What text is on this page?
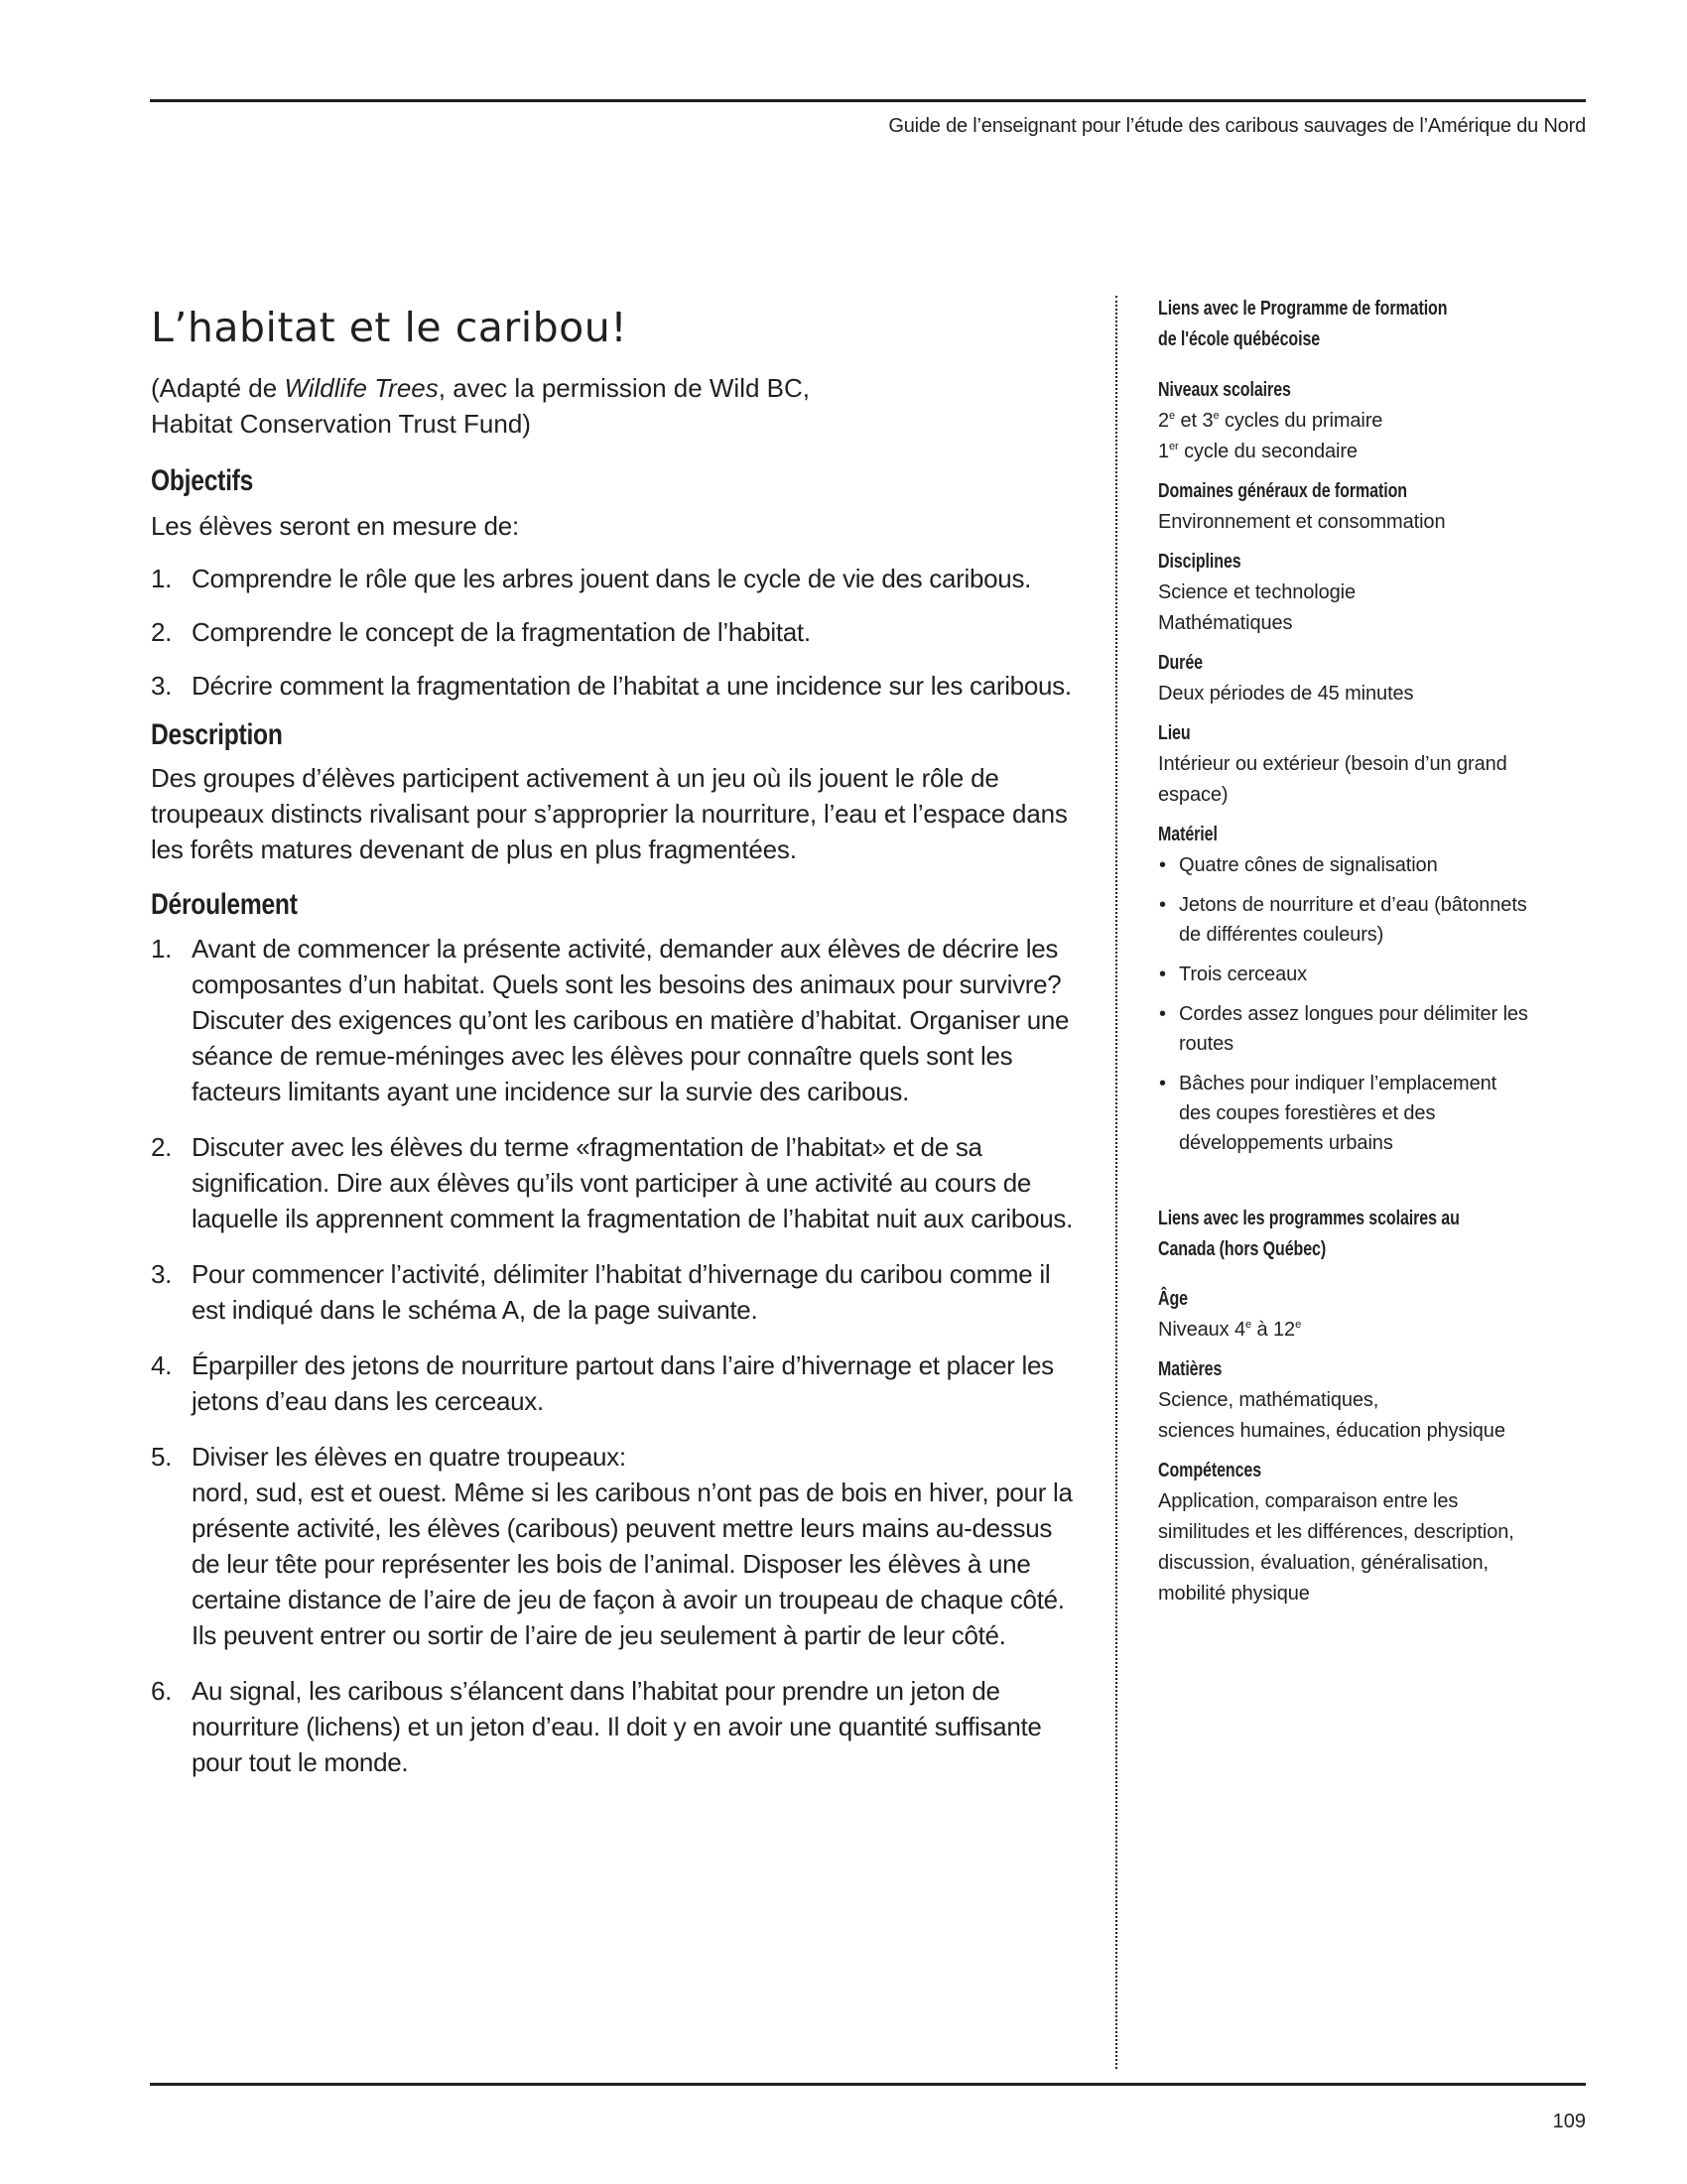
Guide de l’enseignant pour l’étude des caribous sauvages de l’Amérique du Nord
L’habitat et le caribou!
(Adapté de Wildlife Trees, avec la permission de Wild BC,
Habitat Conservation Trust Fund)
Objectifs

Les élèves seront en mesure de:

1. Comprendre le rôle que les arbres jouent dans le cycle de vie des caribous.
2. Comprendre le concept de la fragmentation de l’habitat.
3. Décrire comment la fragmentation de l’habitat a une incidence sur les caribous.
Description

Des groupes d’élèves participent activement à un jeu où ils jouent le rôle de troupeaux distincts rivalisant pour s’approprier la nourriture, l’eau et l’espace dans les forêts matures devenant de plus en plus fragmentées.

Déroulement
1. Avant de commencer la présente activité, demander aux élèves de décrire les composantes d’un habitat. Quels sont les besoins des animaux pour survivre? Discuter des exigences qu’ont les caribous en matière d’habitat. Organiser une séance de remue-méninges avec les élèves pour connaître quels sont les facteurs limitants ayant une incidence sur la survie des caribous.
2. Discuter avec les élèves du terme «fragmentation de l’habitat» et de sa signification. Dire aux élèves qu’ils vont participer à une activité au cours de laquelle ils apprennent comment la fragmentation de l’habitat nuit aux caribous.
3. Pour commencer l’activité, délimiter l’habitat d’hivernage du caribou comme il est indiqué dans le schéma A, de la page suivante.
4. Éparpiller des jetons de nourriture partout dans l’aire d’hivernage et placer les jetons d’eau dans les cerceaux.
5. Diviser les élèves en quatre troupeaux:
nord, sud, est et ouest. Même si les caribous n’ont pas de bois en hiver, pour la présente activité, les élèves (caribous) peuvent mettre leurs mains au-dessus de leur tête pour représenter les bois de l’animal. Disposer les élèves à une certaine distance de l’aire de jeu de façon à avoir un troupeau de chaque côté. Ils peuvent entrer ou sortir de l’aire de jeu seulement à partir de leur côté.
6. Au signal, les caribous s’élancent dans l’habitat pour prendre un jeton de nourriture (lichens) et un jeton d’eau. Il doit y en avoir une quantité suffisante pour tout le monde.
Liens avec le Programme de formation
de l'école québécoise
Niveaux scolaires
2e et 3e cycles du primaire
1er cycle du secondaire
Domaines généraux de formation
Environnement et consommation
Disciplines
Science et technologie
Mathématiques
Durée
Deux périodes de 45 minutes
Lieu
Intérieur ou extérieur (besoin d’un grand
espace)
Matériel
• Quatre cônes de signalisation
• Jetons de nourriture et d’eau (bâtonnets
de différentes couleurs)
• Trois cerceaux
• Cordes assez longues pour délimiter les
routes
• Bâches pour indiquer l’emplacement
des coupes forestières et des
développements urbains
Liens avec les programmes scolaires au
Canada (hors Québec)
Âge
Niveaux 4e à 12e
Matières
Science, mathématiques,
sciences humaines, éducation physique
Compétences
Application, comparaison entre les
similitudes et les différences, description,
discussion, évaluation, généralisation,
mobilité physique
109
